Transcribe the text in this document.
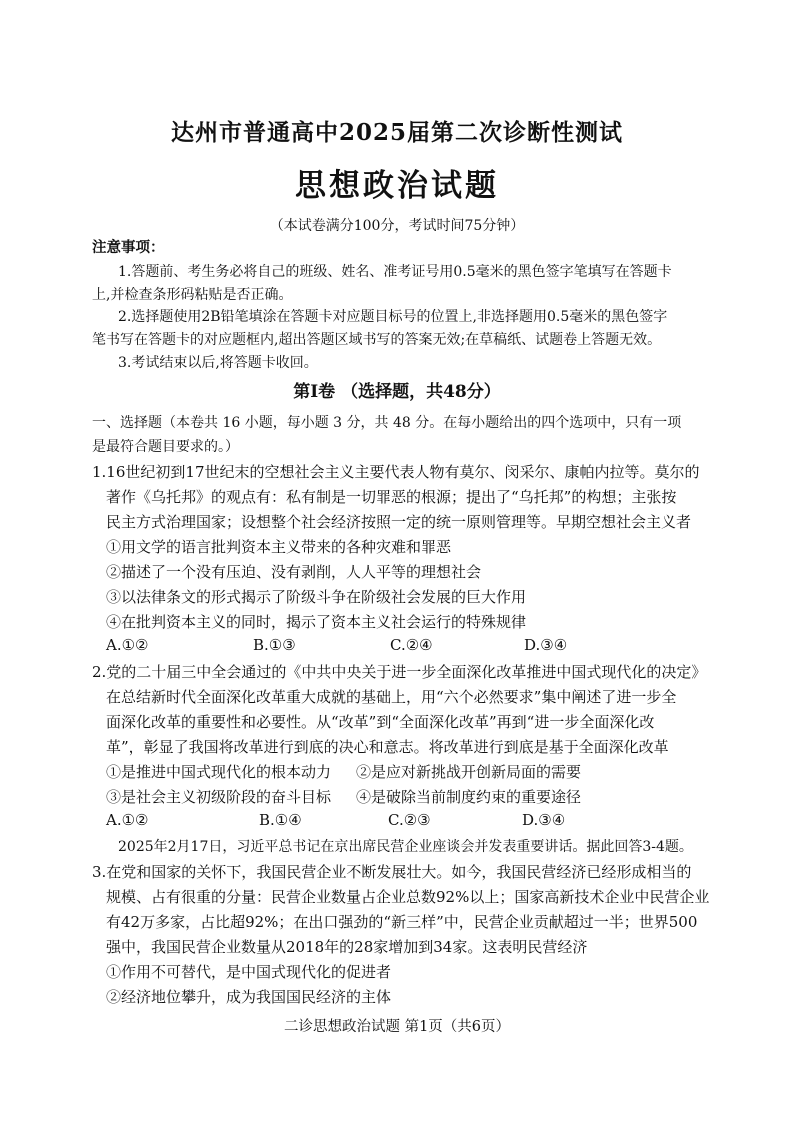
达州市普通高中2025届第二次诊断性测试
思想政治试题
（本试卷满分100分，考试时间75分钟）
注意事项：
1.答题前、考生务必将自己的班级、姓名、准考证号用0.5毫米的黑色签字笔填写在答题卡
上,并检查条形码粘贴是否正确。
2.选择题使用2B铅笔填涂在答题卡对应题目标号的位置上,非选择题用0.5毫米的黑色签字
笔书写在答题卡的对应题框内,超出答题区域书写的答案无效;在草稿纸、试题卷上答题无效。
3.考试结束以后,将答题卡收回。
第Ⅰ卷 （选择题，共48分）
一、选择题（本卷共 16 小题，每小题 3 分，共 48 分。在每小题给出的四个选项中，只有一项
是最符合题目要求的。）
1.16世纪初到17世纪末的空想社会主义主要代表人物有莫尔、闵采尔、康帕内拉等。莫尔的
著作《乌托邦》的观点有：私有制是一切罪恶的根源；提出了“乌托邦”的构想；主张按
民主方式治理国家；设想整个社会经济按照一定的统一原则管理等。早期空想社会主义者
①用文学的语言批判资本主义带来的各种灾难和罪恶
②描述了一个没有压迫、没有剥削，人人平等的理想社会
③以法律条文的形式揭示了阶级斗争在阶级社会发展的巨大作用
④在批判资本主义的同时，揭示了资本主义社会运行的特殊规律
A.①②	B.①③	C.②④	D.③④
2.党的二十届三中全会通过的《中共中央关于进一步全面深化改革推进中国式现代化的决定》
在总结新时代全面深化改革重大成就的基础上，用“六个必然要求”集中阐述了进一步全
面深化改革的重要性和必要性。从“改革”到“全面深化改革”再到“进一步全面深化改
革”，彰显了我国将改革进行到底的决心和意志。将改革进行到底是基于全面深化改革
①是推进中国式现代化的根本动力 ②是应对新挑战开创新局面的需要
③是社会主义初级阶段的奋斗目标 ④是破除当前制度约束的重要途径
A.①②	B.①④	C.②③	D.③④
2025年2月17日，习近平总书记在京出席民营企业座谈会并发表重要讲话。据此回答3-4题。
3.在党和国家的关怀下，我国民营企业不断发展壮大。如今，我国民营经济已经形成相当的
规模、占有很重的分量：民营企业数量占企业总数92%以上；国家高新技术企业中民营企业
有42万多家，占比超92%；在出口强劲的“新三样”中，民营企业贡献超过一半；世界500
强中，我国民营企业数量从2018年的28家增加到34家。这表明民营经济
①作用不可替代，是中国式现代化的促进者
②经济地位攀升，成为我国国民经济的主体
二诊思想政治试题 第1页（共6页）
